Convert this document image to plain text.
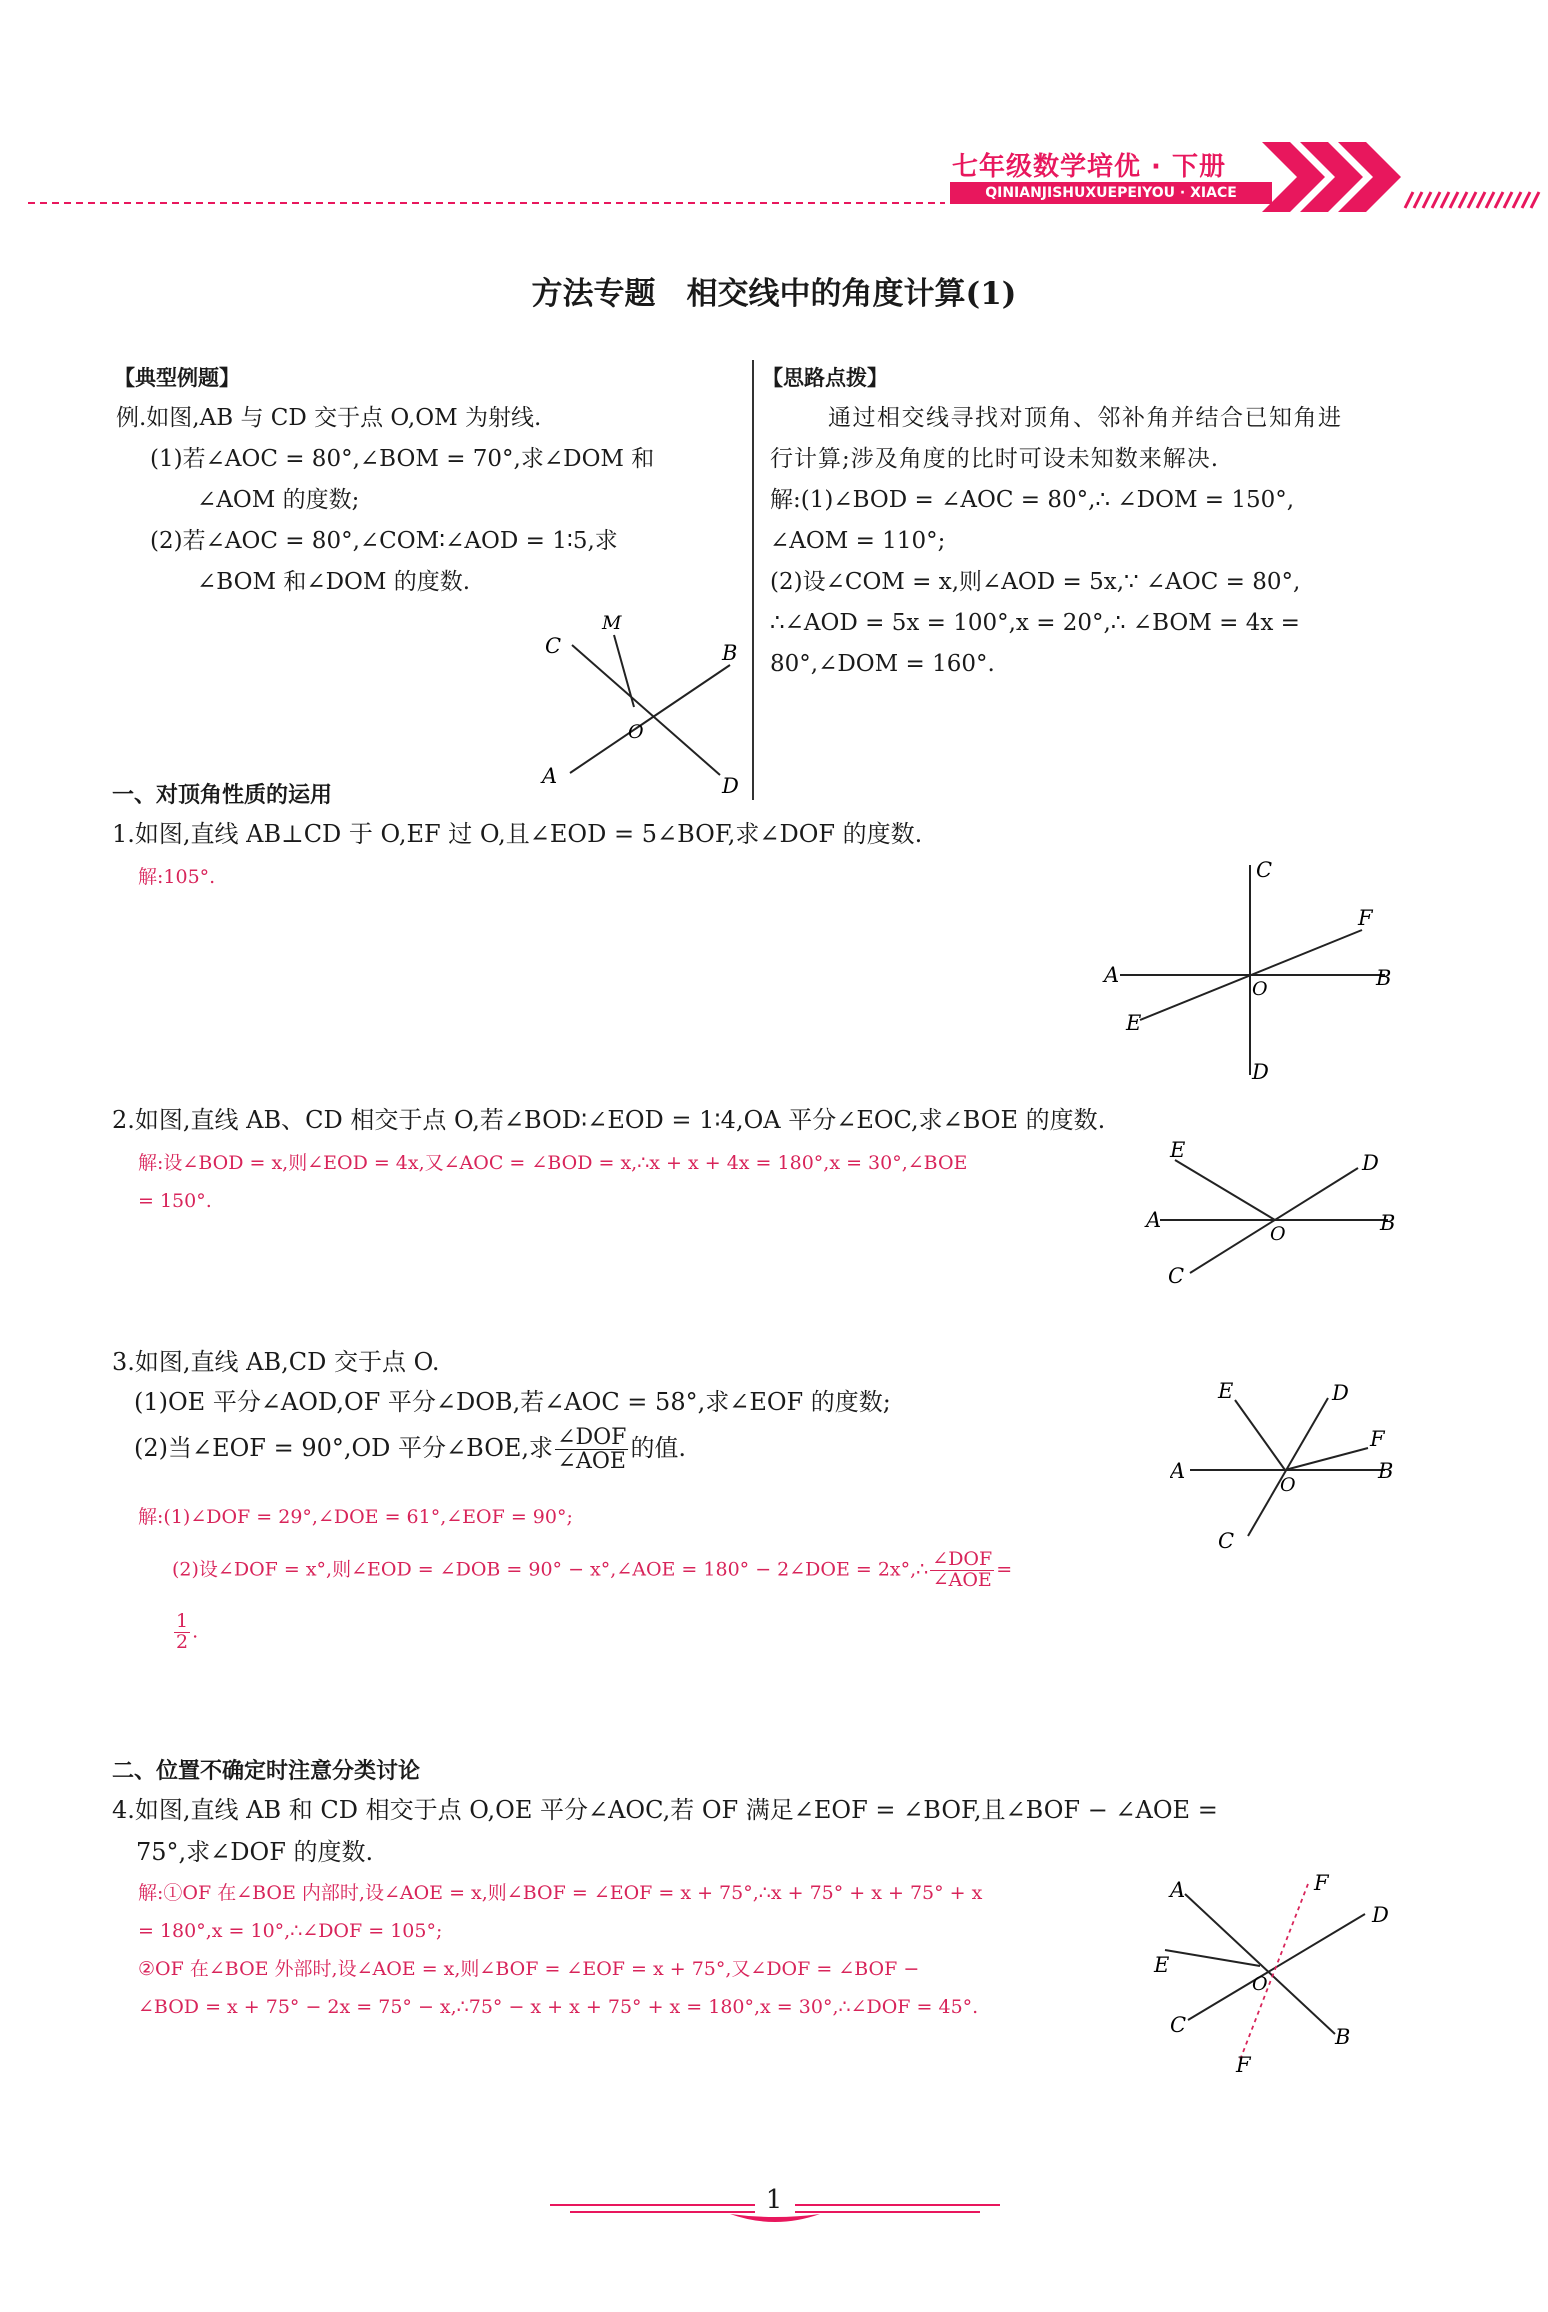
七年级数学培优 · 下册
QINIANJISHUXUEPEIYOU · XIACE
方法专题　相交线中的角度计算(1)
【典型例题】
例.如图,AB 与 CD 交于点 O,OM 为射线.
(1)若∠AOC = 80°,∠BOM = 70°,求∠DOM 和
∠AOM 的度数;
(2)若∠AOC = 80°,∠COM∶∠AOD = 1∶5,求
∠BOM 和∠DOM 的度数.
A
B
C
D
M
O
【思路点拨】
通过相交线寻找对顶角、邻补角并结合已知角进
行计算;涉及角度的比时可设未知数来解决.
解:(1)∠BOD = ∠AOC = 80°,∴ ∠DOM = 150°,
∠AOM = 110°;
(2)设∠COM = x,则∠AOD = 5x,∵ ∠AOC = 80°,
∴∠AOD = 5x = 100°,x = 20°,∴ ∠BOM = 4x =
80°,∠DOM = 160°.
一、对顶角性质的运用
1.如图,直线 AB⊥CD 于 O,EF 过 O,且∠EOD = 5∠BOF,求∠DOF 的度数.
解:105°.	C
D
A	B
E
F
O
2.如图,直线 AB、CD 相交于点 O,若∠BOD∶∠EOD = 1∶4,OA 平分∠EOC,求∠BOE 的度数.
解:设∠BOD = x,则∠EOD = 4x,又∠AOC = ∠BOD = x,∴x + x + 4x = 180°,x = 30°,∠BOE
= 150°.
E
D
A	B
C
O
3.如图,直线 AB,CD 交于点 O.
(1)OE 平分∠AOD,OF 平分∠DOB,若∠AOC = 58°,求∠EOF 的度数;
(2)当∠EOF = 90°,OD 平分∠BOE,求 $\frac{\text{∠DOF}}{\text{∠AOE}}$ 的值.
解:(1)∠DOF = 29°,∠DOE = 61°,∠EOF = 90°;
(2)设∠DOF = x°,则∠EOD = ∠DOB = 90° − x°,∠AOE = 180° − 2∠DOE = 2x°,∴ $\frac{\text{∠DOF}}{\text{∠AOE}}$ =
$\frac{1}{2}$ .
E	D
F
A	B
C
O
二、位置不确定时注意分类讨论
4.如图,直线 AB 和 CD 相交于点 O,OE 平分∠AOC,若 OF 满足∠EOF = ∠BOF,且∠BOF − ∠AOE =
75°,求∠DOF 的度数.
解:①OF 在∠BOE 内部时,设∠AOE = x,则∠BOF = ∠EOF = x + 75°,∴x + 75° + x + 75° + x
= 180°,x = 10°,∴∠DOF = 105°;
②OF 在∠BOE 外部时,设∠AOE = x,则∠BOF = ∠EOF = x + 75°,又∠DOF = ∠BOF −
∠BOD = x + 75° − 2x = 75° − x,∴75° − x + x + 75° + x = 180°,x = 30°,∴∠DOF = 45°.
A	F
D
E
C	B
F
O
1
